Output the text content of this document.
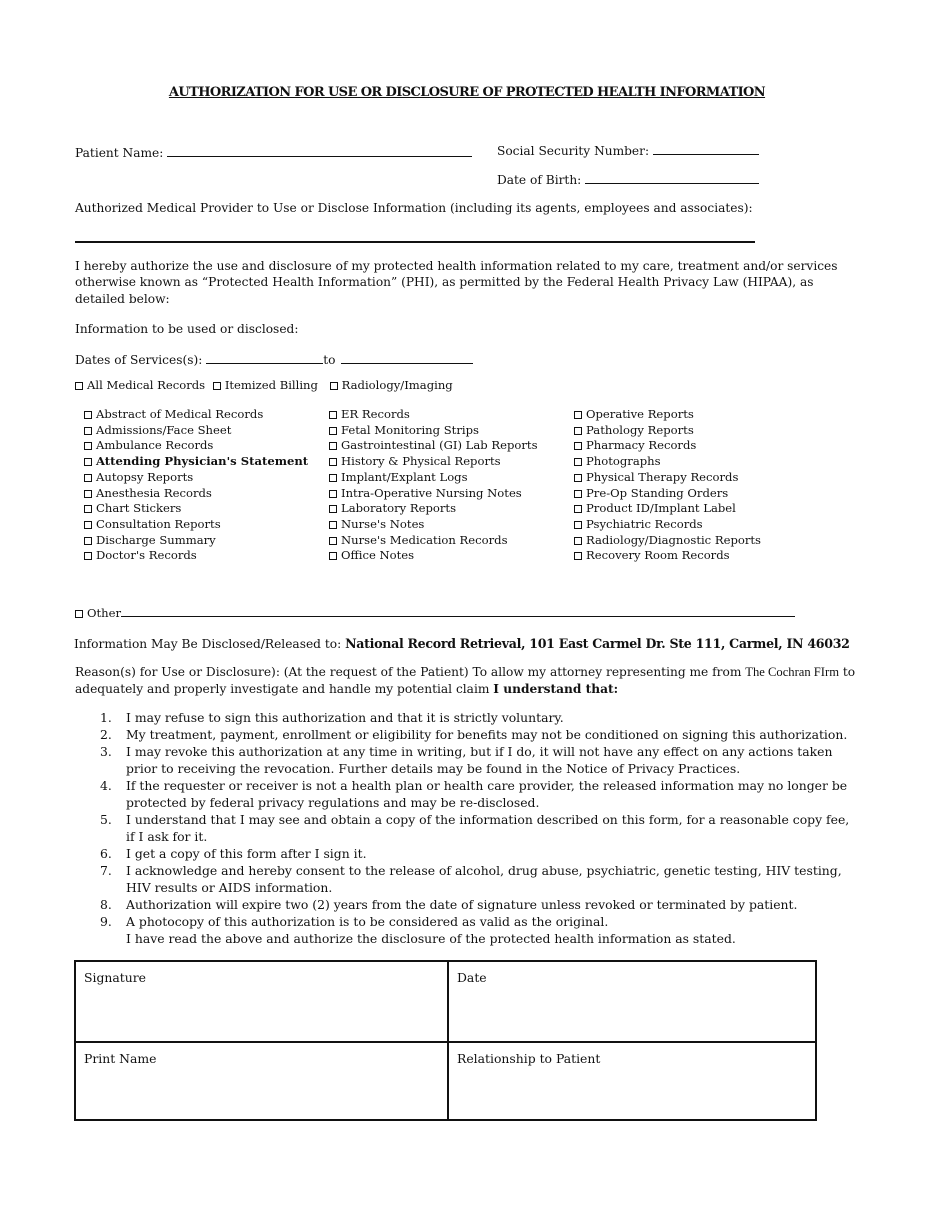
AUTHORIZATION FOR USE OR DISCLOSURE OF PROTECTED HEALTH INFORMATION
Patient Name:	Social Security Number:
Date of Birth:
Authorized Medical Provider to Use or Disclose Information (including its agents, employees and associates):
I hereby authorize the use and disclosure of my protected health information related to my care, treatment and/or services otherwise known as “Protected Health Information” (PHI), as permitted by the Federal Health Privacy Law (HIPAA), as detailed below:
Information to be used or disclosed:
Dates of Services(s):	to
All Medical Records Itemized Billing Radiology/Imaging
Abstract of Medical Records
Admissions/Face Sheet
Ambulance Records
Attending Physician's Statement
Autopsy Reports
Anesthesia Records
Chart Stickers
Consultation Reports
Discharge Summary
Doctor's Records
ER Records
Fetal Monitoring Strips
Gastrointestinal (GI) Lab Reports
History & Physical Reports
Implant/Explant Logs
Intra-Operative Nursing Notes
Laboratory Reports
Nurse's Notes
Nurse's Medication Records
Office Notes
Operative Reports
Pathology Reports
Pharmacy Records
Photographs
Physical Therapy Records
Pre-Op Standing Orders
Product ID/Implant Label
Psychiatric Records
Radiology/Diagnostic Reports
Recovery Room Records
Other
Information May Be Disclosed/Released to: National Record Retrieval, 101 East Carmel Dr. Ste 111, Carmel, IN 46032
Reason(s) for Use or Disclosure): (At the request of the Patient) To allow my attorney representing me from The Cochran FIrm to adequately and properly investigate and handle my potential claim I understand that:
1.	I may refuse to sign this authorization and that it is strictly voluntary.
2.	My treatment, payment, enrollment or eligibility for benefits may not be conditioned on signing this authorization.
3.	I may revoke this authorization at any time in writing, but if I do, it will not have any effect on any actions taken prior to receiving the revocation. Further details may be found in the Notice of Privacy Practices.
4.	If the requester or receiver is not a health plan or health care provider, the released information may no longer be protected by federal privacy regulations and may be re-disclosed.
5.	I understand that I may see and obtain a copy of the information described on this form, for a reasonable copy fee, if I ask for it.
6.	I get a copy of this form after I sign it.
7.	I acknowledge and hereby consent to the release of alcohol, drug abuse, psychiatric, genetic testing, HIV testing, HIV results or AIDS information.
8.	Authorization will expire two (2) years from the date of signature unless revoked or terminated by patient.
9.	A photocopy of this authorization is to be considered as valid as the original.
I have read the above and authorize the disclosure of the protected health information as stated.
Signature	Date
Print Name	Relationship to Patient
